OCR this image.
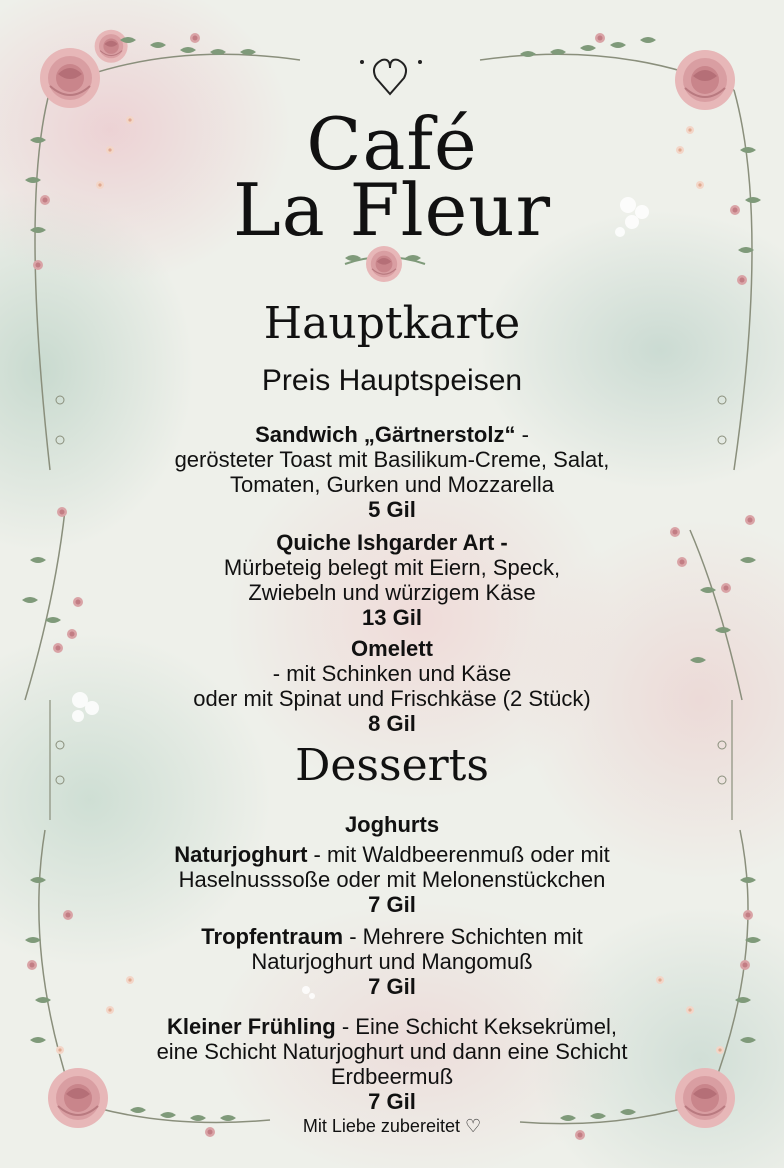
Café
La Fleur
Hauptkarte
Preis Hauptspeisen
Sandwich „Gärtnerstolz“ -
gerösteter Toast mit Basilikum-Creme, Salat,
Tomaten, Gurken und Mozzarella
5 Gil
Quiche Ishgarder Art -
Mürbeteig belegt mit Eiern, Speck,
Zwiebeln und würzigem Käse
13 Gil
Omelett
- mit Schinken und Käse
oder mit Spinat und Frischkäse (2 Stück)
8 Gil
Desserts
Joghurts
Naturjoghurt - mit Waldbeerenmuß oder mit
Haselnusssoße oder mit Melonenstückchen
7 Gil
Tropfentraum - Mehrere Schichten mit
Naturjoghurt und Mangomuß
7 Gil
Kleiner Frühling - Eine Schicht Keksekrümel,
eine Schicht Naturjoghurt und dann eine Schicht
Erdbeermuß
7 Gil
Mit Liebe zubereitet ♡
